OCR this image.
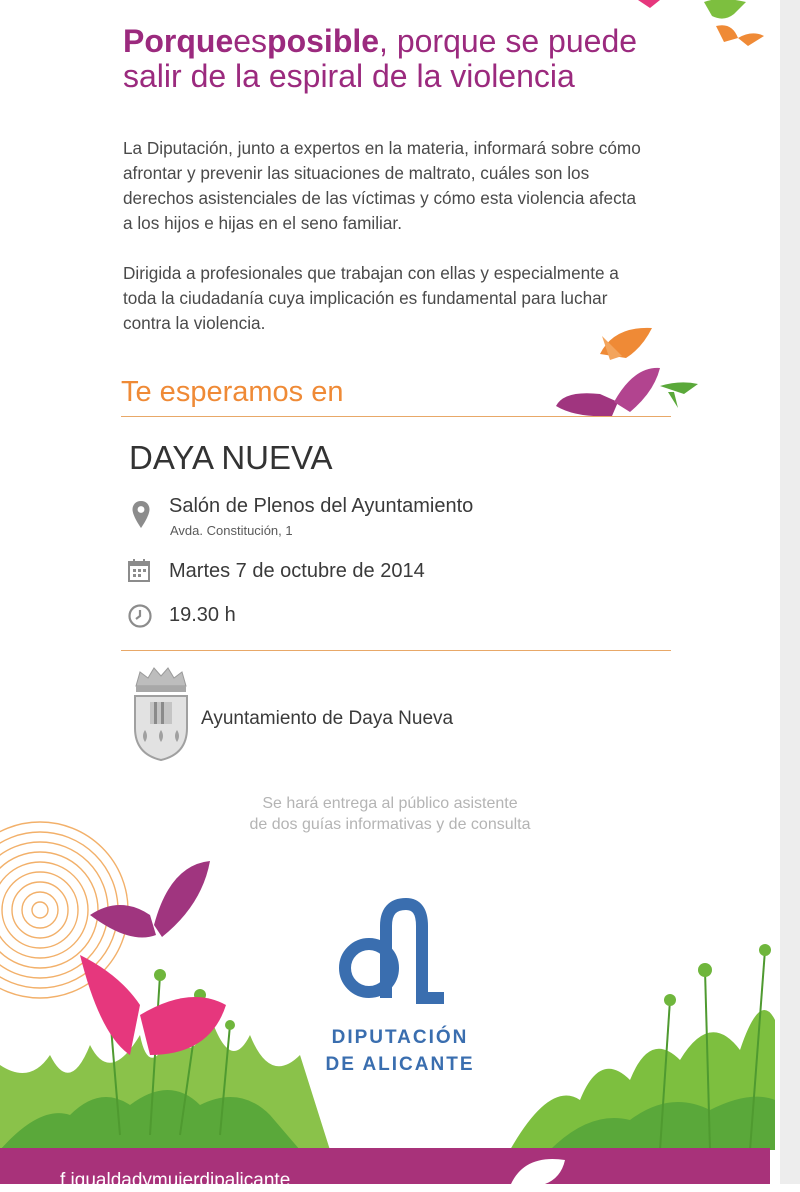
Porqueesposible, porque se puede
salir de la espiral de la violencia
La Diputación, junto a expertos en la materia, informará sobre cómo
afrontar y prevenir las situaciones de maltrato, cuáles son los
derechos asistenciales de las víctimas y cómo esta violencia afecta
a los hijos e hijas en el seno familiar.
Dirigida a profesionales que trabajan con ellas y especialmente a
toda la ciudadanía cuya implicación es fundamental para luchar
contra la violencia.
Te esperamos en
DAYA NUEVA
Salón de Plenos del Ayuntamiento
Avda. Constitución, 1
Martes 7 de octubre de 2014
19.30 h
Ayuntamiento de Daya Nueva
Se hará entrega al público asistente
de dos guías informativas y de consulta
DIPUTACIÓN
DE ALICANTE
f igualdadymujerdipalicante
